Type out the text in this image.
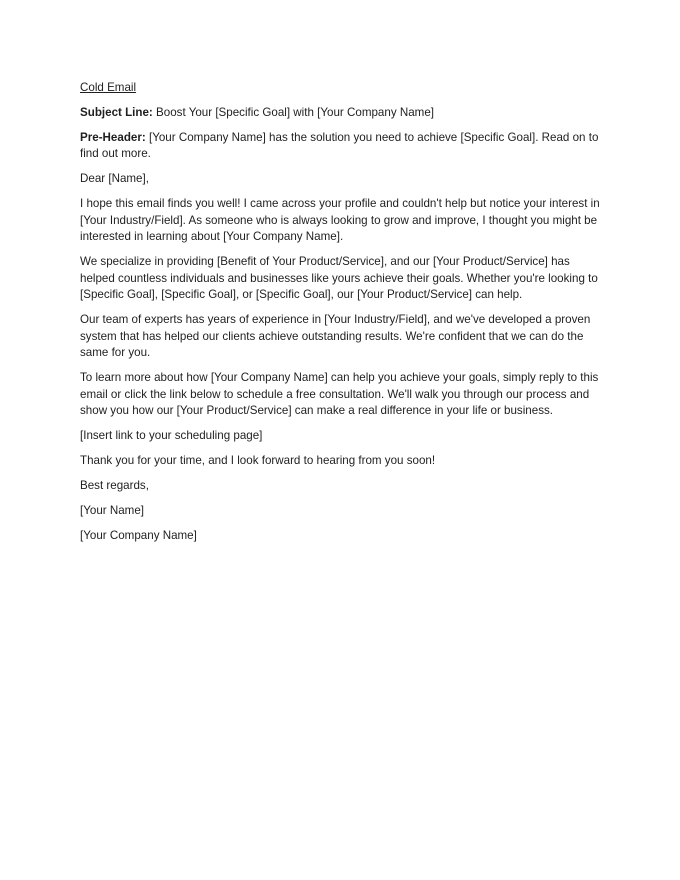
Cold Email
Subject Line: Boost Your [Specific Goal] with [Your Company Name]
Pre-Header: [Your Company Name] has the solution you need to achieve [Specific Goal]. Read on to find out more.
Dear [Name],
I hope this email finds you well! I came across your profile and couldn't help but notice your interest in [Your Industry/Field]. As someone who is always looking to grow and improve, I thought you might be interested in learning about [Your Company Name].
We specialize in providing [Benefit of Your Product/Service], and our [Your Product/Service] has helped countless individuals and businesses like yours achieve their goals. Whether you're looking to [Specific Goal], [Specific Goal], or [Specific Goal], our [Your Product/Service] can help.
Our team of experts has years of experience in [Your Industry/Field], and we've developed a proven system that has helped our clients achieve outstanding results. We're confident that we can do the same for you.
To learn more about how [Your Company Name] can help you achieve your goals, simply reply to this email or click the link below to schedule a free consultation. We'll walk you through our process and show you how our [Your Product/Service] can make a real difference in your life or business.
[Insert link to your scheduling page]
Thank you for your time, and I look forward to hearing from you soon!
Best regards,
[Your Name]
[Your Company Name]
